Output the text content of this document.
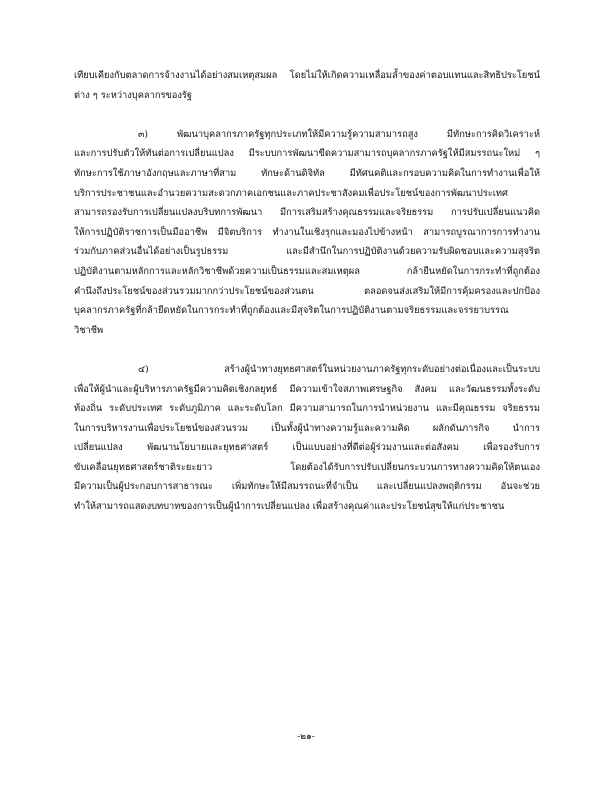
เทียบเคียงกับตลาดการจ้างงานได้อย่างสมเหตุสมผล โดยไม่ให้เกิดความเหลื่อมล้ำของค่าตอบแทนและสิทธิประโยชน์
ต่าง ๆ ระหว่างบุคลากรของรัฐ
๓) พัฒนาบุคลากรภาครัฐทุกประเภทให้มีความรู้ความสามารถสูง มีทักษะการคิดวิเคราะห์
และการปรับตัวให้ทันต่อการเปลี่ยนแปลง มีระบบการพัฒนาขีดความสามารถบุคลากรภาครัฐให้มีสมรรถนะใหม่ ๆ
ทักษะการใช้ภาษาอังกฤษและภาษาที่สาม ทักษะด้านดิจิทัล มีทัศนคติและกรอบความคิดในการทำงานเพื่อให้
บริการประชาชนและอำนวยความสะดวกภาคเอกชนและภาคประชาสังคมเพื่อประโยชน์ของการพัฒนาประเทศ
สามารถรองรับการเปลี่ยนแปลงบริบทการพัฒนา มีการเสริมสร้างคุณธรรมและจริยธรรม การปรับเปลี่ยนแนวคิด
ให้การปฏิบัติราชการเป็นมืออาชีพ มีจิตบริการ ทำงานในเชิงรุกและมองไปข้างหน้า สามารถบูรณาการการทำงาน
ร่วมกับภาคส่วนอื่นได้อย่างเป็นรูปธรรม และมีสำนึกในการปฏิบัติงานด้วยความรับผิดชอบและความสุจริต
ปฏิบัติงานตามหลักการและหลักวิชาชีพด้วยความเป็นธรรมและสมเหตุผล กล้ายืนหยัดในการกระทำที่ถูกต้อง
คำนึงถึงประโยชน์ของส่วนรวมมากกว่าประโยชน์ของส่วนตน ตลอดจนส่งเสริมให้มีการคุ้มครองและปกป้อง
บุคลากรภาครัฐที่กล้ายืดหยัดในการกระทำที่ถูกต้องและมีสุจริตในการปฏิบัติงานตามจริยธรรมและจรรยาบรรณ
วิชาชีพ
๔) สร้างผู้นำทางยุทธศาสตร์ในหน่วยงานภาครัฐทุกระดับอย่างต่อเนื่องและเป็นระบบ
เพื่อให้ผู้นำและผู้บริหารภาครัฐมีความคิดเชิงกลยุทธ์ มีความเข้าใจสภาพเศรษฐกิจ สังคม และวัฒนธรรมทั้งระดับ
ท้องถิ่น ระดับประเทศ ระดับภูมิภาค และระดับโลก มีความสามารถในการนำหน่วยงาน และมีคุณธรรม จริยธรรม
ในการบริหารงานเพื่อประโยชน์ของส่วนรวม เป็นทั้งผู้นำทางความรู้และความคิด ผลักดันภารกิจ นำการ
เปลี่ยนแปลง พัฒนานโยบายและยุทธศาสตร์ เป็นแบบอย่างที่ดีต่อผู้ร่วมงานและต่อสังคม เพื่อรองรับการ
ขับเคลื่อนยุทธศาสตร์ชาติระยะยาว โดยต้องได้รับการปรับเปลี่ยนกระบวนการทางความคิดให้ตนเอง
มีความเป็นผู้ประกอบการสาธารณะ เพิ่มทักษะให้มีสมรรถนะที่จำเป็น และเปลี่ยนแปลงพฤติกรรม อันจะช่วย
ทำให้สามารถแสดงบทบาทของการเป็นผู้นำการเปลี่ยนแปลง เพื่อสร้างคุณค่าและประโยชน์สุขให้แก่ประชาชน
-๒๑-
